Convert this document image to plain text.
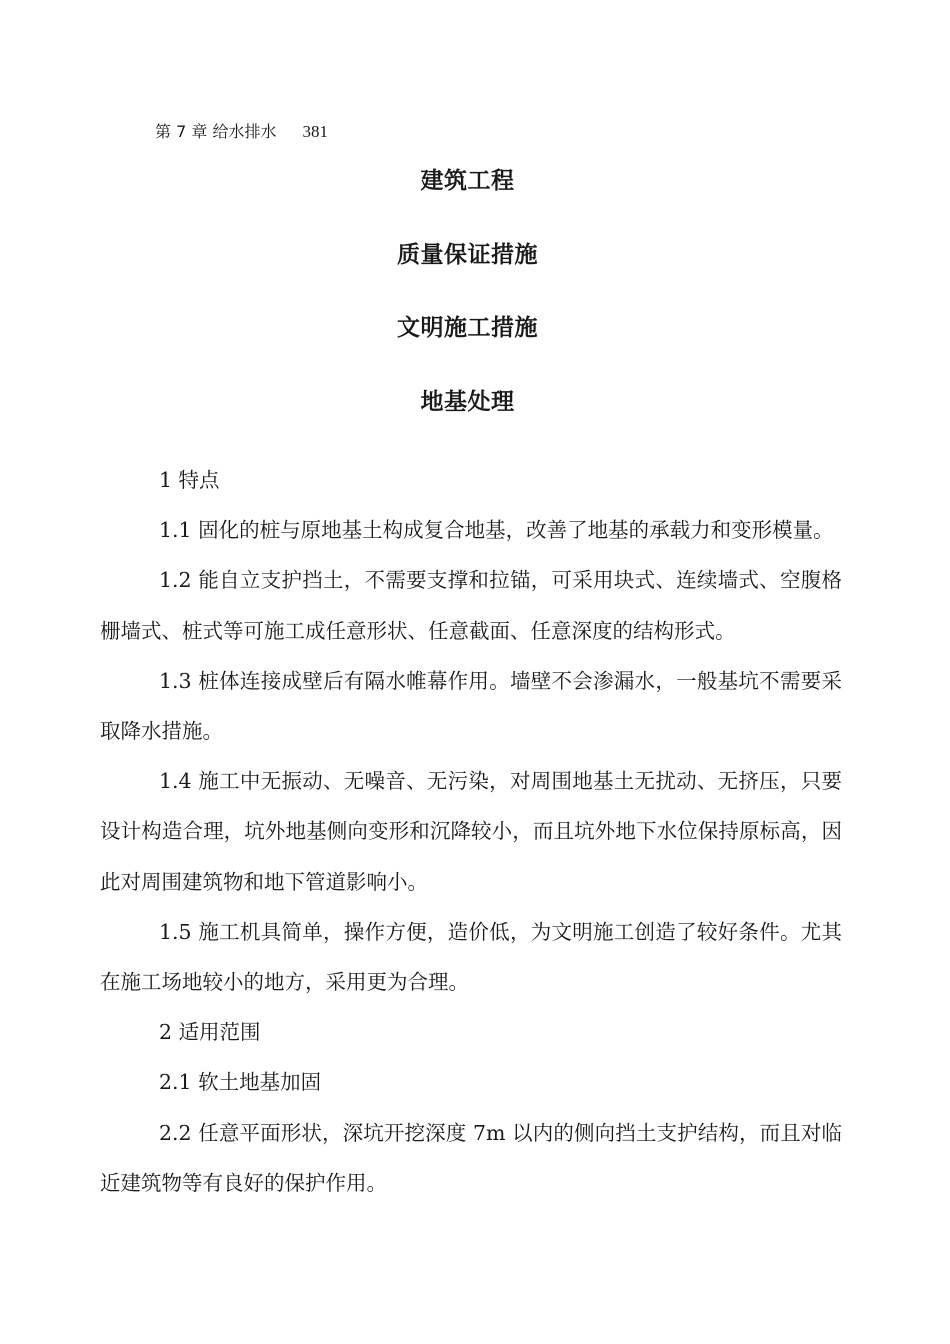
第 7 章 给水排水 381
建筑工程
质量保证措施
文明施工措施
地基处理

1 特点

1.1 固化的桩与原地基土构成复合地基，改善了地基的承载力和变形模量。

1.2 能自立支护挡土，不需要支撑和拉锚，可采用块式、连续墙式、空腹格栅墙式、桩式等可施工成任意形状、任意截面、任意深度的结构形式。

1.3 桩体连接成壁后有隔水帷幕作用。墙壁不会渗漏水，一般基坑不需要采取降水措施。

1.4 施工中无振动、无噪音、无污染，对周围地基土无扰动、无挤压，只要设计构造合理，坑外地基侧向变形和沉降较小，而且坑外地下水位保持原标高，因此对周围建筑物和地下管道影响小。

1.5 施工机具简单，操作方便，造价低，为文明施工创造了较好条件。尤其在施工场地较小的地方，采用更为合理。

2 适用范围

2.1 软土地基加固

2.2 任意平面形状，深坑开挖深度 7m 以内的侧向挡土支护结构，而且对临近建筑物等有良好的保护作用。
